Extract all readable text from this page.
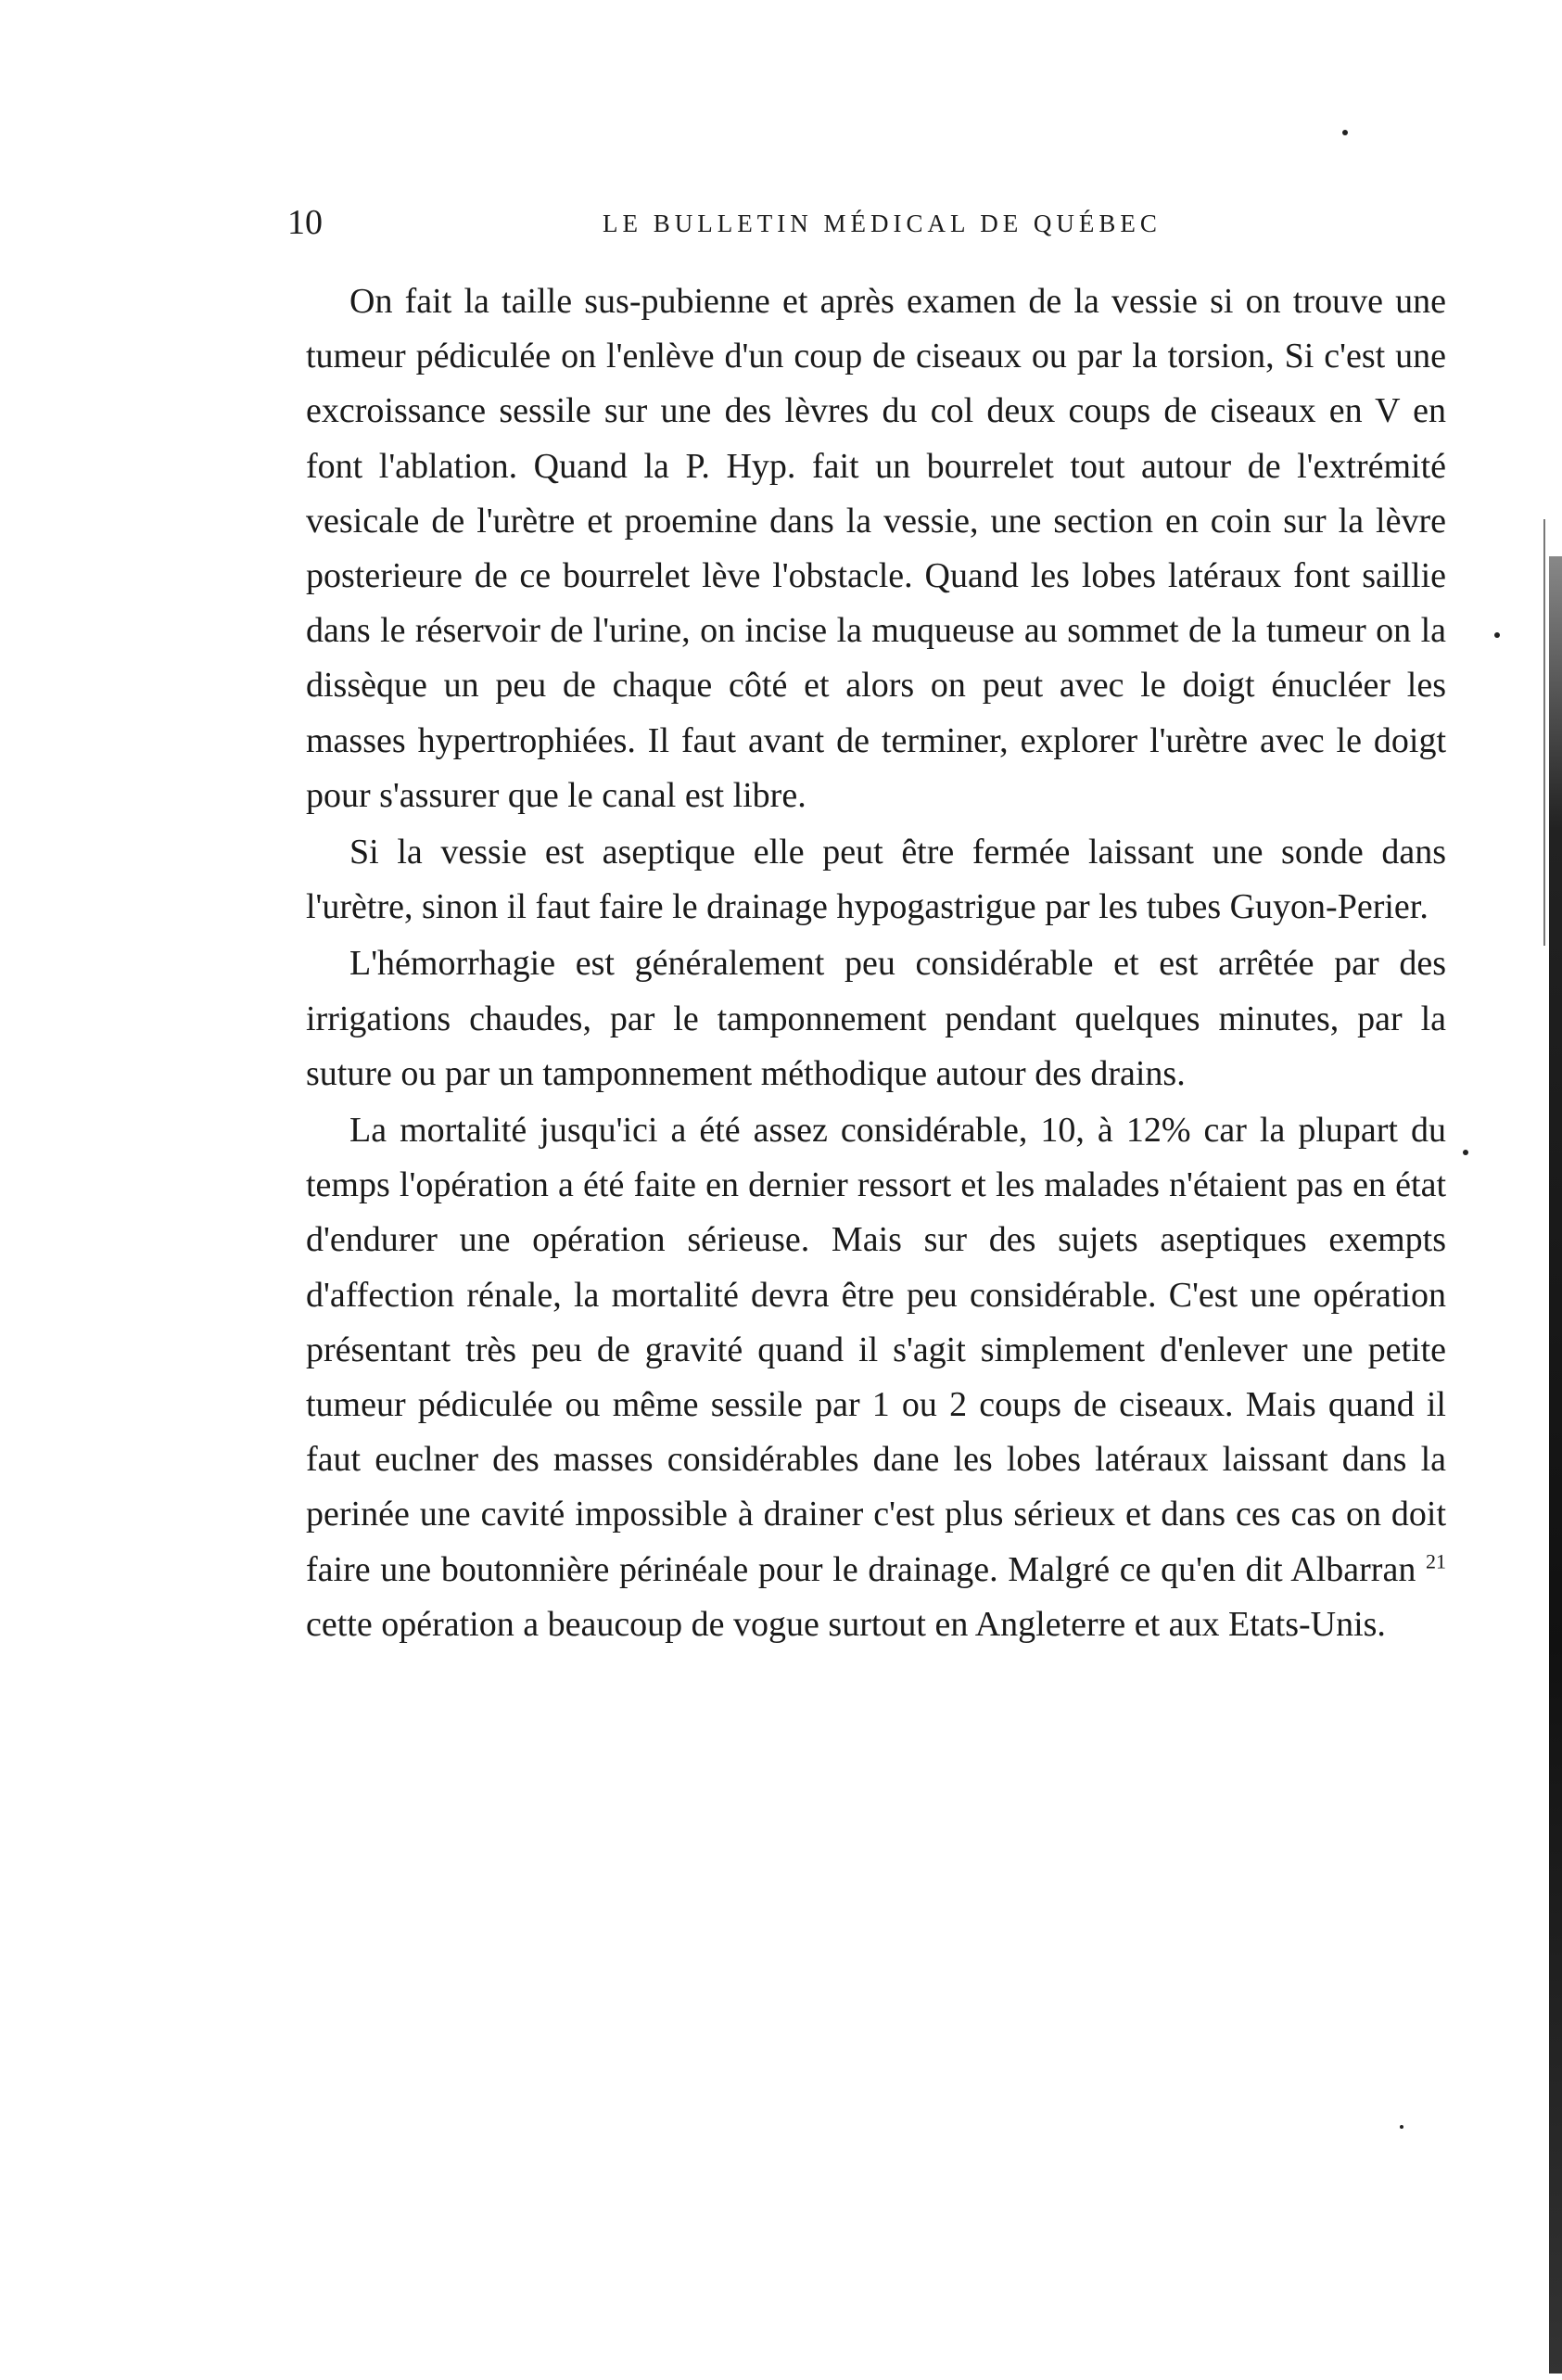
10	LE BULLETIN MÉDICAL DE QUÉBEC

On fait la taille sus-pubienne et après examen de la vessie si on trouve une tumeur pédiculée on l'enlève d'un coup de ciseaux ou par la torsion, Si c'est une excroissance sessile sur une des lèvres du col deux coups de ciseaux en V en font l'ablation. Quand la P. Hyp. fait un bourrelet tout autour de l'extrémité vesicale de l'urètre et proemine dans la vessie, une section en coin sur la lèvre posterieure de ce bourrelet lève l'obstacle. Quand les lobes latéraux font saillie dans le réservoir de l'urine, on incise la muqueuse au sommet de la tumeur on la dissèque un peu de chaque côté et alors on peut avec le doigt énucléer les masses hypertrophiées. Il faut avant de terminer, explorer l'urètre avec le doigt pour s'assurer que le canal est libre.

Si la vessie est aseptique elle peut être fermée laissant une sonde dans l'urètre, sinon il faut faire le drainage hypogastrigue par les tubes Guyon-Perier.

L'hémorrhagie est généralement peu considérable et est arrêtée par des irrigations chaudes, par le tamponnement pendant quelques minutes, par la suture ou par un tamponnement méthodique autour des drains.

La mortalité jusqu'ici a été assez considérable, 10, à 12% car la plupart du temps l'opération a été faite en dernier ressort et les malades n'étaient pas en état d'endurer une opération sérieuse. Mais sur des sujets aseptiques exempts d'affection rénale, la mortalité devra être peu considérable. C'est une opération présentant très peu de gravité quand il s'agit simplement d'enlever une petite tumeur pédiculée ou même sessile par 1 ou 2 coups de ciseaux. Mais quand il faut euclner des masses considérables dane les lobes latéraux laissant dans la perinée une cavité impossible à drainer c'est plus sérieux et dans ces cas on doit faire une boutonnière périnéale pour le drainage. Malgré ce qu'en dit Albarran $^{21}$ cette opération a beaucoup de vogue surtout en Angleterre et aux Etats-Unis.
